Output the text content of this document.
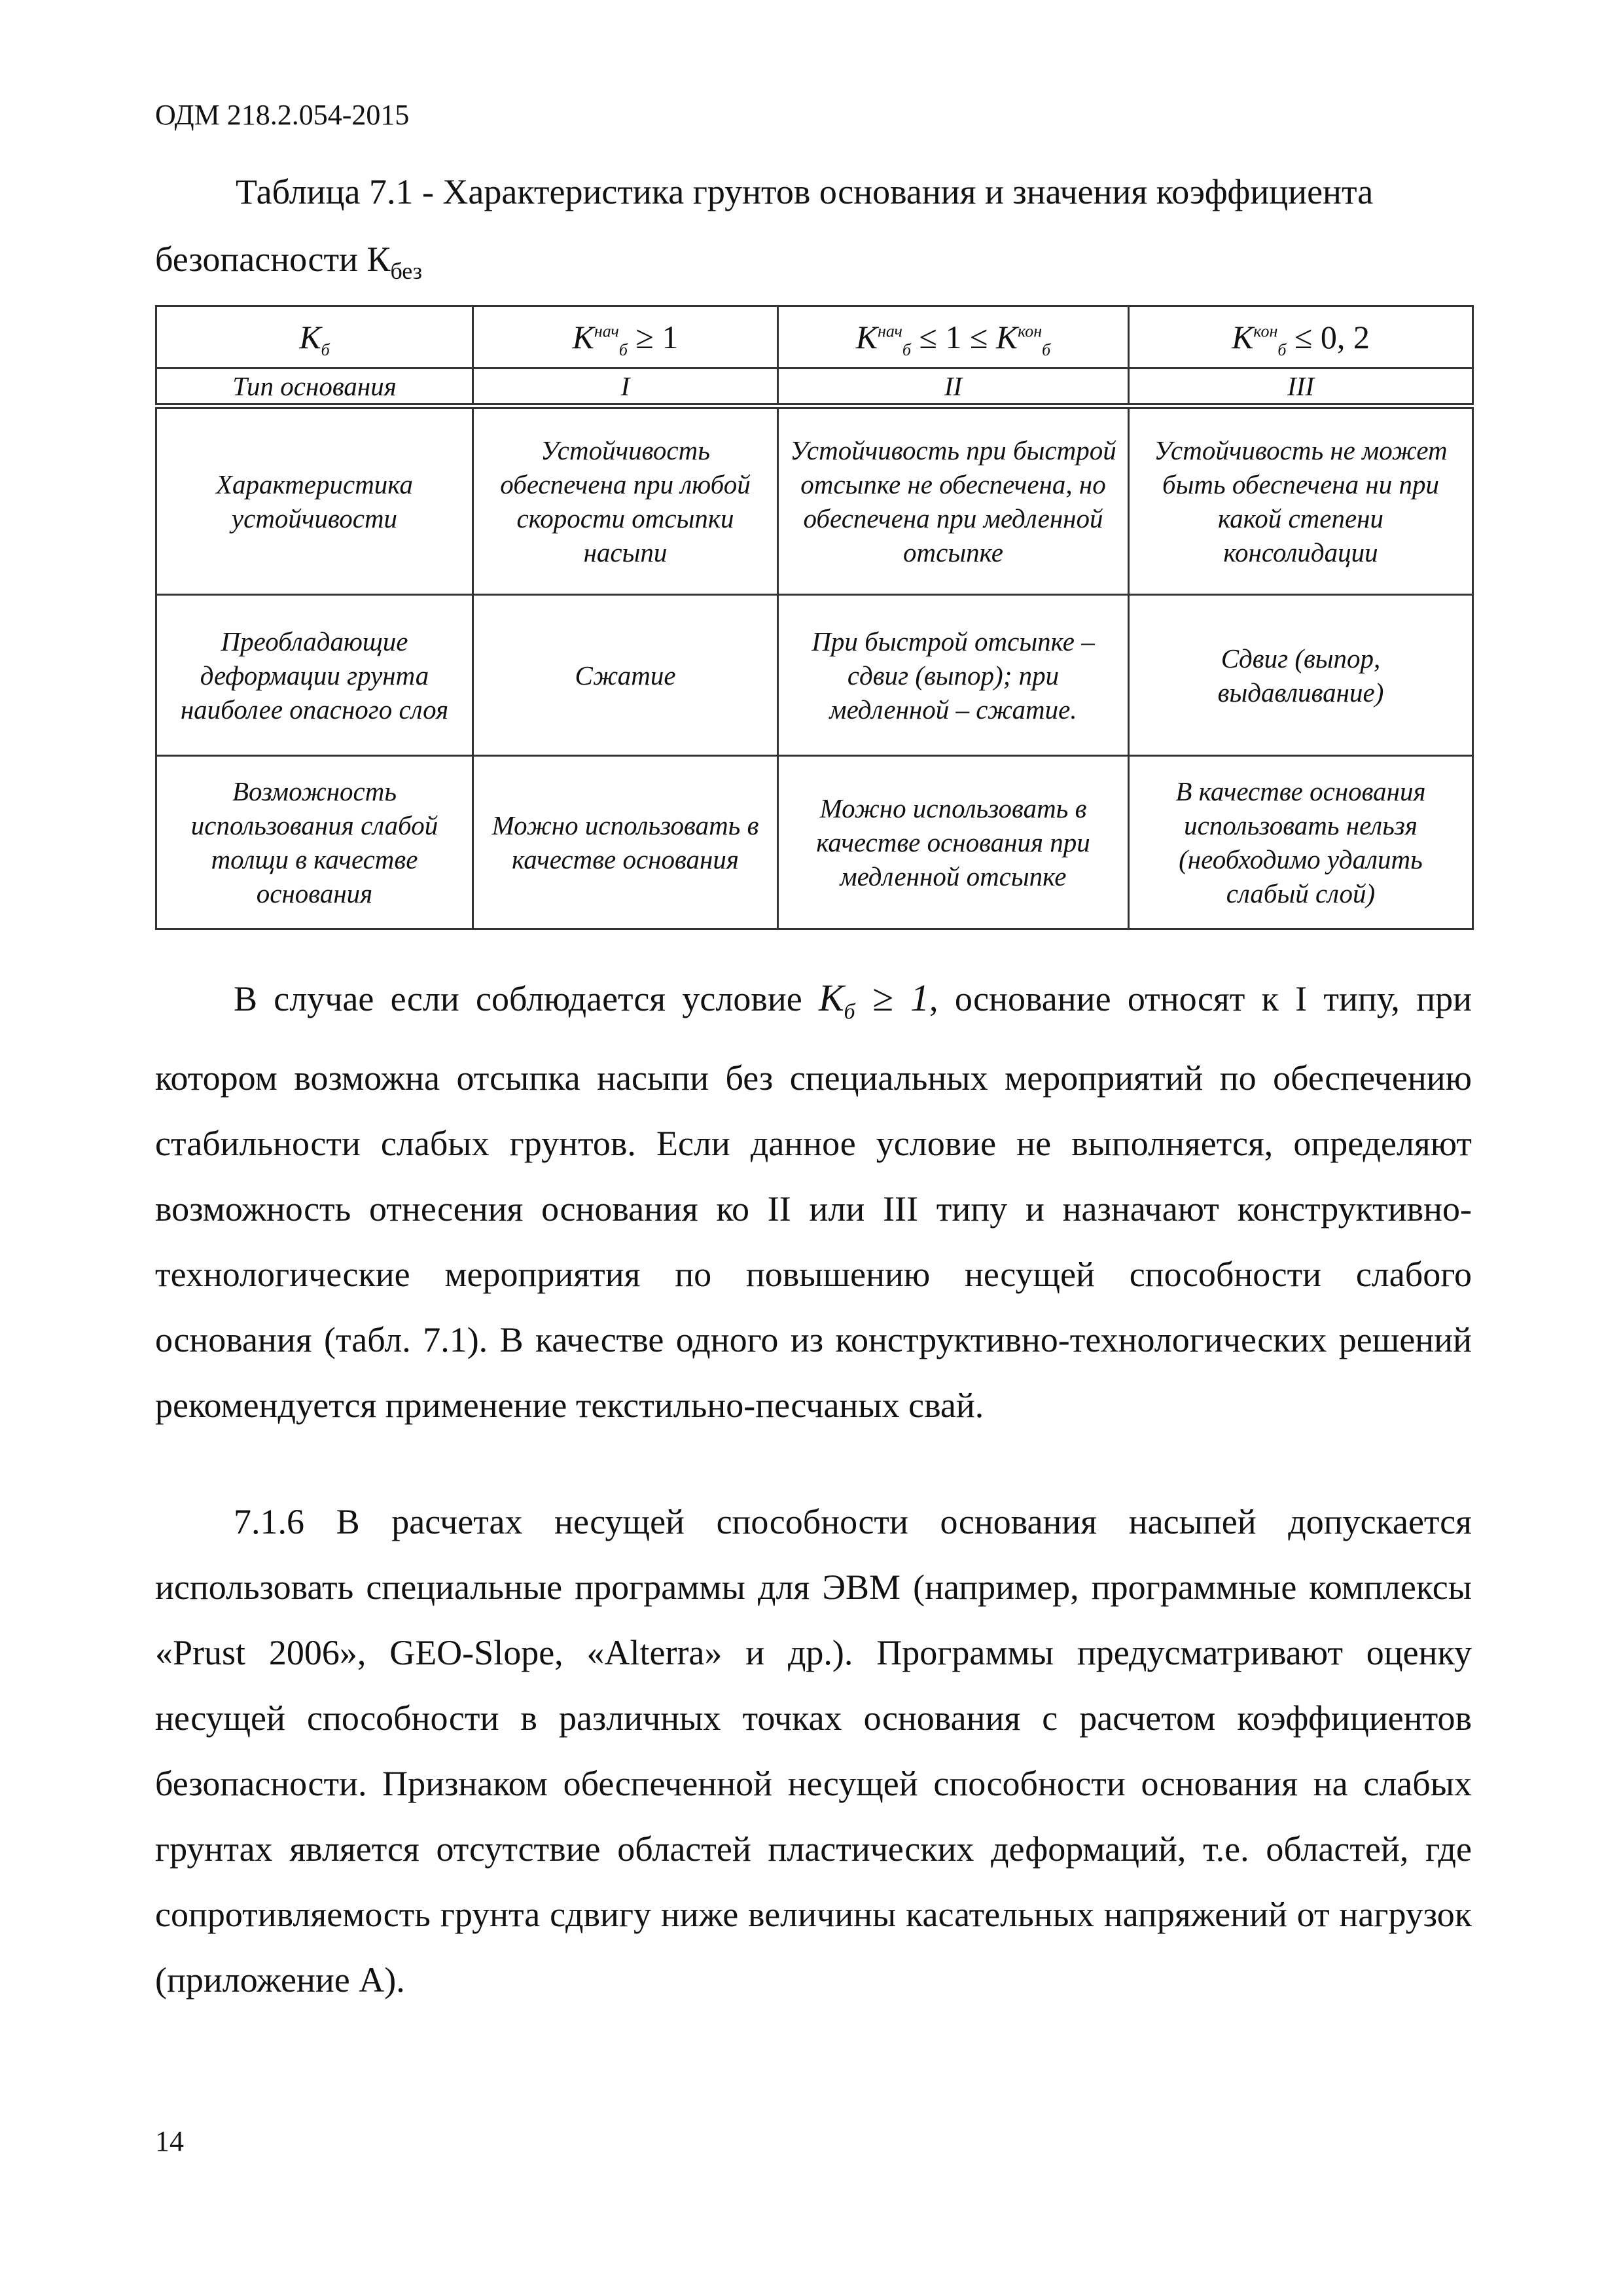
ОДМ 218.2.054-2015
Таблица 7.1 - Характеристика грунтов основания и значения коэффициента
безопасности $К_{без}$
$К_б$	$К^{нач}_б \ge 1$	$К^{нач}_б \le 1 \le К^{кон}_б$	$К^{кон}_б \le 0$, 2
Тип основания	I	II	III
Характеристика устойчивости	Устойчивость обеспечена при любой скорости отсыпки насыпи	Устойчивость при быстрой отсыпке не обеспечена, но обеспечена при медленной отсыпке	Устойчивость не может быть обеспечена ни при какой степени консолидации
Преобладающие деформации грунта наиболее опасного слоя	Сжатие	При быстрой отсыпке – сдвиг (выпор); при медленной – сжатие.	Сдвиг (выпор, выдавливание)
Возможность использования слабой толщи в качестве основания	Можно использовать в качестве основания	Можно использовать в качестве основания при медленной отсыпке	В качестве основания использовать нельзя (необходимо удалить слабый слой)
В случае если соблюдается условие $К_б \ge 1$, основание относят к I типу, при котором возможна отсыпка насыпи без специальных мероприятий по обеспечению стабильности слабых грунтов. Если данное условие не выполняется, определяют возможность отнесения основания ко II или III типу и назначают конструктивно-технологические мероприятия по повышению несущей способности слабого основания (табл. 7.1). В качестве одного из конструктивно-технологических решений рекомендуется применение текстильно-песчаных свай.
7.1.6 В расчетах несущей способности основания насыпей допускается использовать специальные программы для ЭВМ (например, программные комплексы «Prust 2006», GEO-Slope, «Alterra» и др.). Программы предусматривают оценку несущей способности в различных точках основания с расчетом коэффициентов безопасности. Признаком обеспеченной несущей способности основания на слабых грунтах является отсутствие областей пластических деформаций, т.е. областей, где сопротивляемость грунта сдвигу ниже величины касательных напряжений от нагрузок (приложение А).
14
